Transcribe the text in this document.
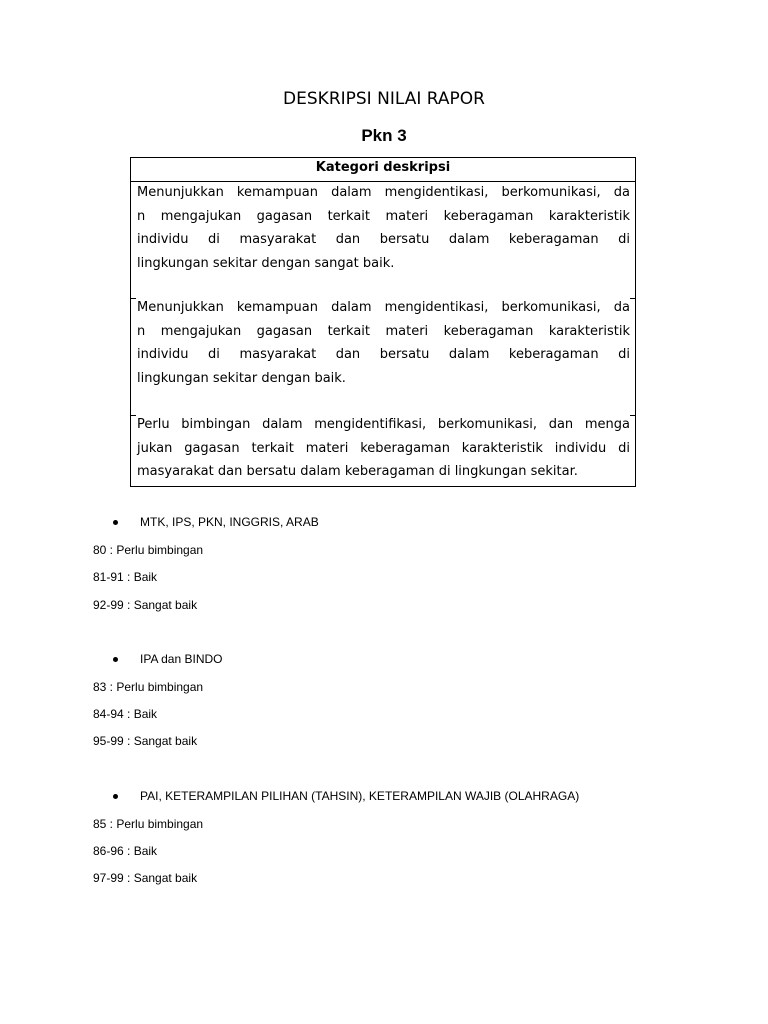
DESKRIPSI NILAI RAPOR
Pkn 3
Kategori deskripsi
Menunjukkan kemampuan dalam mengidentikasi, berkomunikasi, da
n mengajukan gagasan terkait materi keberagaman karakteristik
individu di masyarakat dan bersatu dalam keberagaman di
lingkungan sekitar dengan sangat baik.
Menunjukkan kemampuan dalam mengidentikasi, berkomunikasi, da
n mengajukan gagasan terkait materi keberagaman karakteristik
individu di masyarakat dan bersatu dalam keberagaman di
lingkungan sekitar dengan baik.
Perlu bimbingan dalam mengidentifikasi, berkomunikasi, dan menga
jukan gagasan terkait materi keberagaman karakteristik individu di
masyarakat dan bersatu dalam keberagaman di lingkungan sekitar.
MTK, IPS, PKN, INGGRIS, ARAB
80 : Perlu bimbingan
81-91 : Baik
92-99 : Sangat baik
IPA dan BINDO
83 : Perlu bimbingan
84-94 : Baik
95-99 : Sangat baik
PAI, KETERAMPILAN PILIHAN (TAHSIN), KETERAMPILAN WAJIB (OLAHRAGA)
85 : Perlu bimbingan
86-96 : Baik
97-99 : Sangat baik
